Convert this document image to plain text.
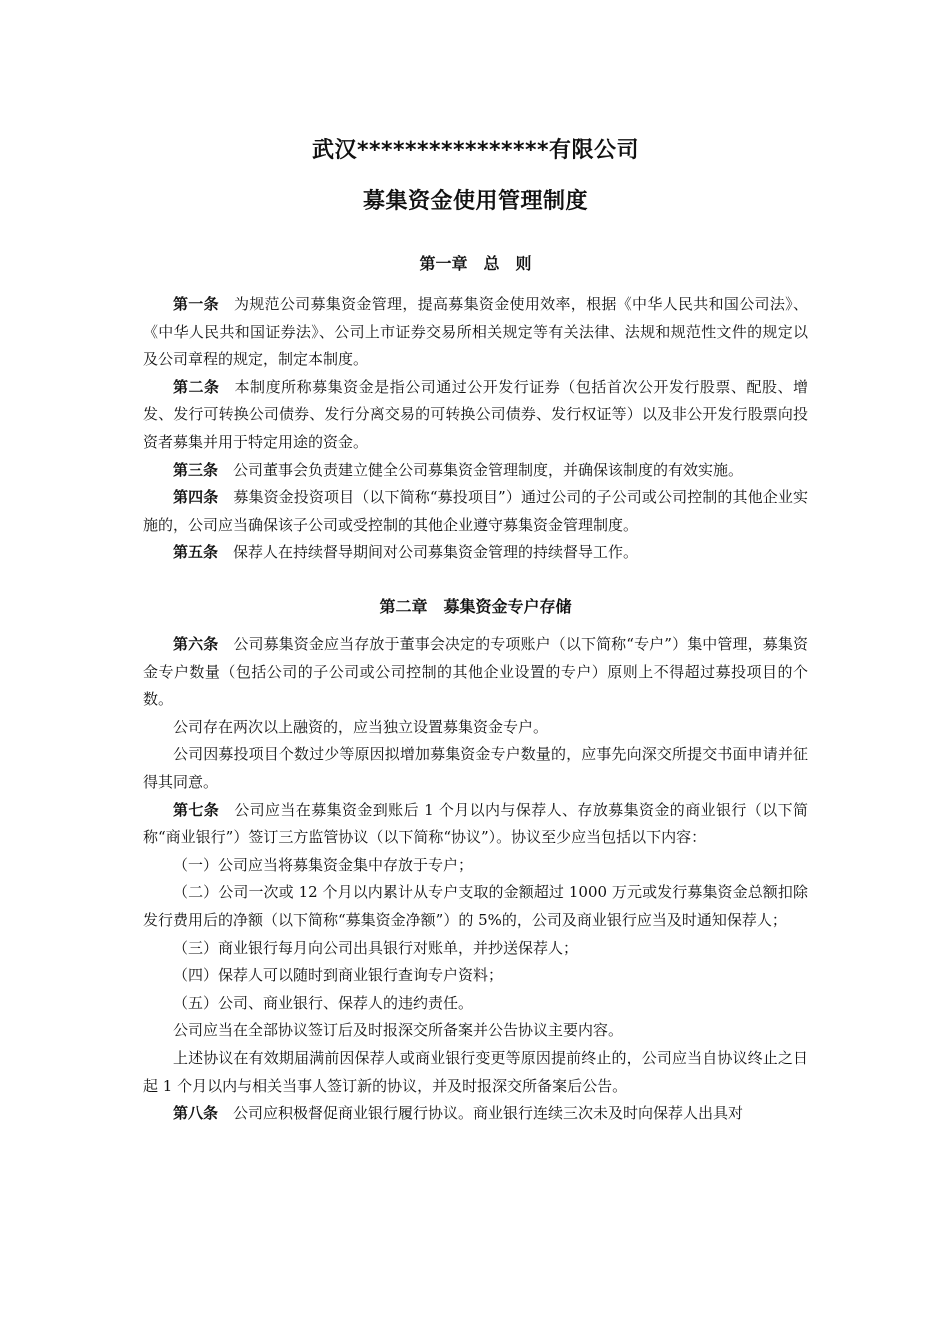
武汉****************有限公司
募集资金使用管理制度
第一章　总　则

第一条 为规范公司募集资金管理，提高募集资金使用效率，根据《中华人民共和国公司法》、《中华人民共和国证券法》、公司上市证券交易所相关规定等有关法律、法规和规范性文件的规定以及公司章程的规定，制定本制度。

第二条 本制度所称募集资金是指公司通过公开发行证券（包括首次公开发行股票、配股、增发、发行可转换公司债券、发行分离交易的可转换公司债券、发行权证等）以及非公开发行股票向投资者募集并用于特定用途的资金。

第三条 公司董事会负责建立健全公司募集资金管理制度，并确保该制度的有效实施。

第四条 募集资金投资项目（以下简称“募投项目”）通过公司的子公司或公司控制的其他企业实施的，公司应当确保该子公司或受控制的其他企业遵守募集资金管理制度。

第五条 保荐人在持续督导期间对公司募集资金管理的持续督导工作。

第二章　募集资金专户存储

第六条 公司募集资金应当存放于董事会决定的专项账户（以下简称“专户”）集中管理，募集资金专户数量（包括公司的子公司或公司控制的其他企业设置的专户）原则上不得超过募投项目的个数。

公司存在两次以上融资的，应当独立设置募集资金专户。

公司因募投项目个数过少等原因拟增加募集资金专户数量的，应事先向深交所提交书面申请并征得其同意。

第七条 公司应当在募集资金到账后 1 个月以内与保荐人、存放募集资金的商业银行（以下简称“商业银行”）签订三方监管协议（以下简称“协议”）。协议至少应当包括以下内容：

（一）公司应当将募集资金集中存放于专户；

（二）公司一次或 12 个月以内累计从专户支取的金额超过 1000 万元或发行募集资金总额扣除发行费用后的净额（以下简称“募集资金净额”）的 5%的，公司及商业银行应当及时通知保荐人；

（三）商业银行每月向公司出具银行对账单，并抄送保荐人；

（四）保荐人可以随时到商业银行查询专户资料；

（五）公司、商业银行、保荐人的违约责任。

公司应当在全部协议签订后及时报深交所备案并公告协议主要内容。

上述协议在有效期届满前因保荐人或商业银行变更等原因提前终止的，公司应当自协议终止之日起 1 个月以内与相关当事人签订新的协议，并及时报深交所备案后公告。

第八条 公司应积极督促商业银行履行协议。商业银行连续三次未及时向保荐人出具对
